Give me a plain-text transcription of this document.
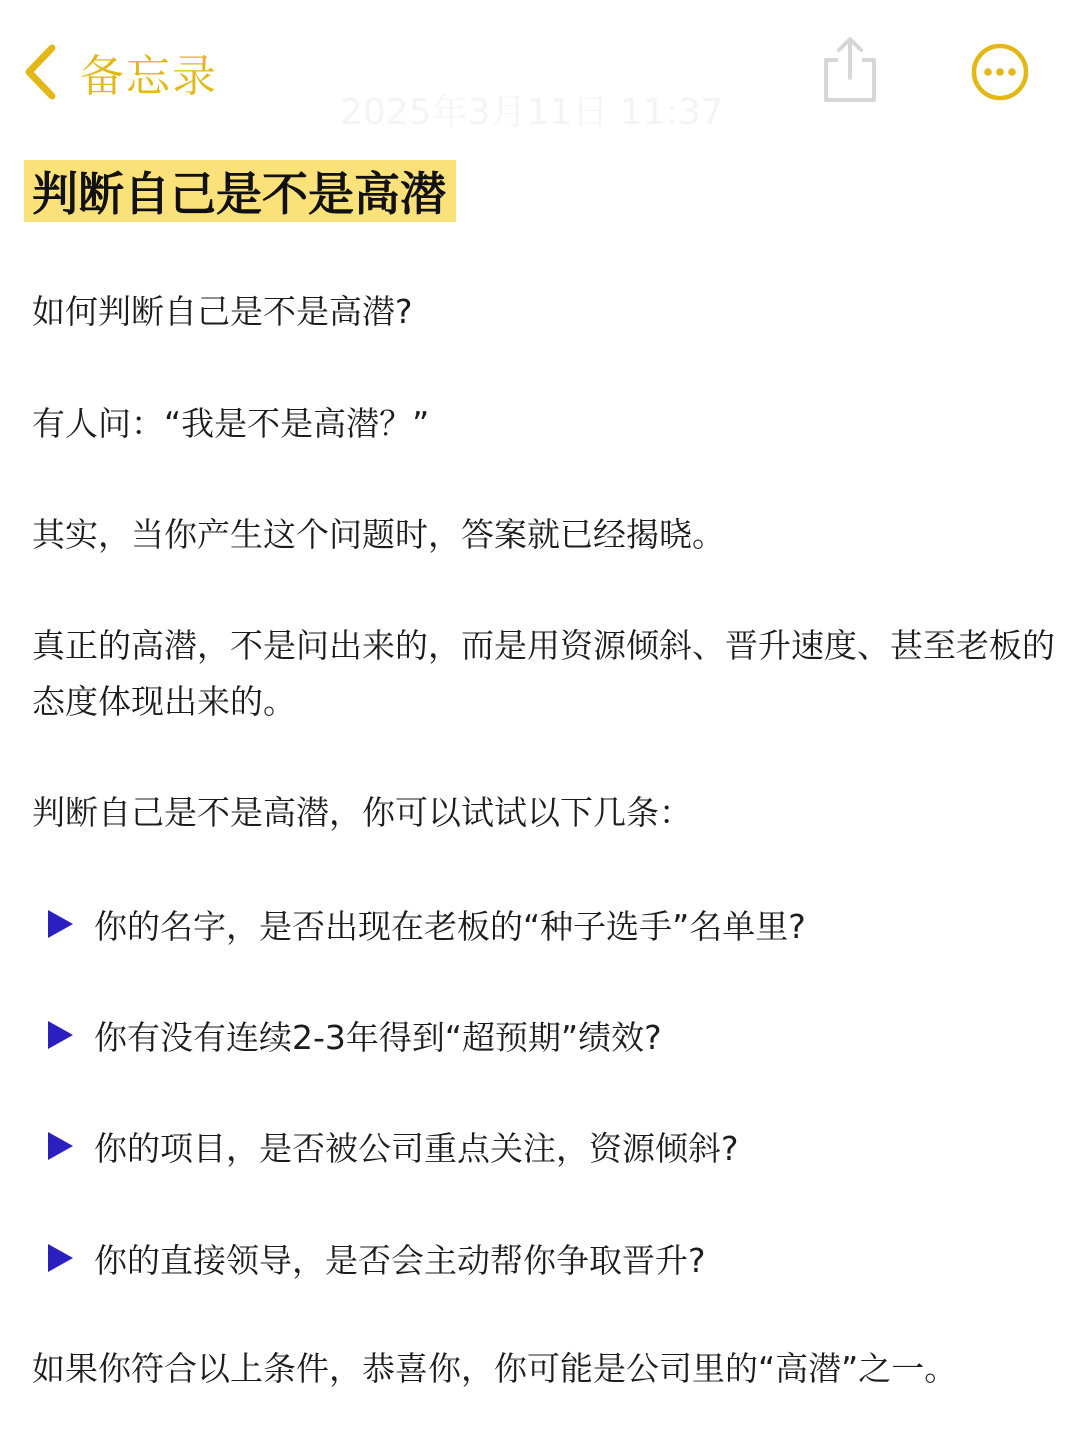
备忘录
2025年3月11日 11:37
判断自己是不是高潜
如何判断自己是不是高潜?
有人问：“我是不是高潜？”
其实，当你产生这个问题时，答案就已经揭晓。
真正的高潜，不是问出来的，而是用资源倾斜、晋升速度、甚至老板的态度体现出来的。
判断自己是不是高潜，你可以试试以下几条：
你的名字，是否出现在老板的“种子选手”名单里?
你有没有连续2-3年得到“超预期”绩效?
你的项目，是否被公司重点关注，资源倾斜?
你的直接领导，是否会主动帮你争取晋升?
如果你符合以上条件，恭喜你，你可能是公司里的“高潜”之一。
